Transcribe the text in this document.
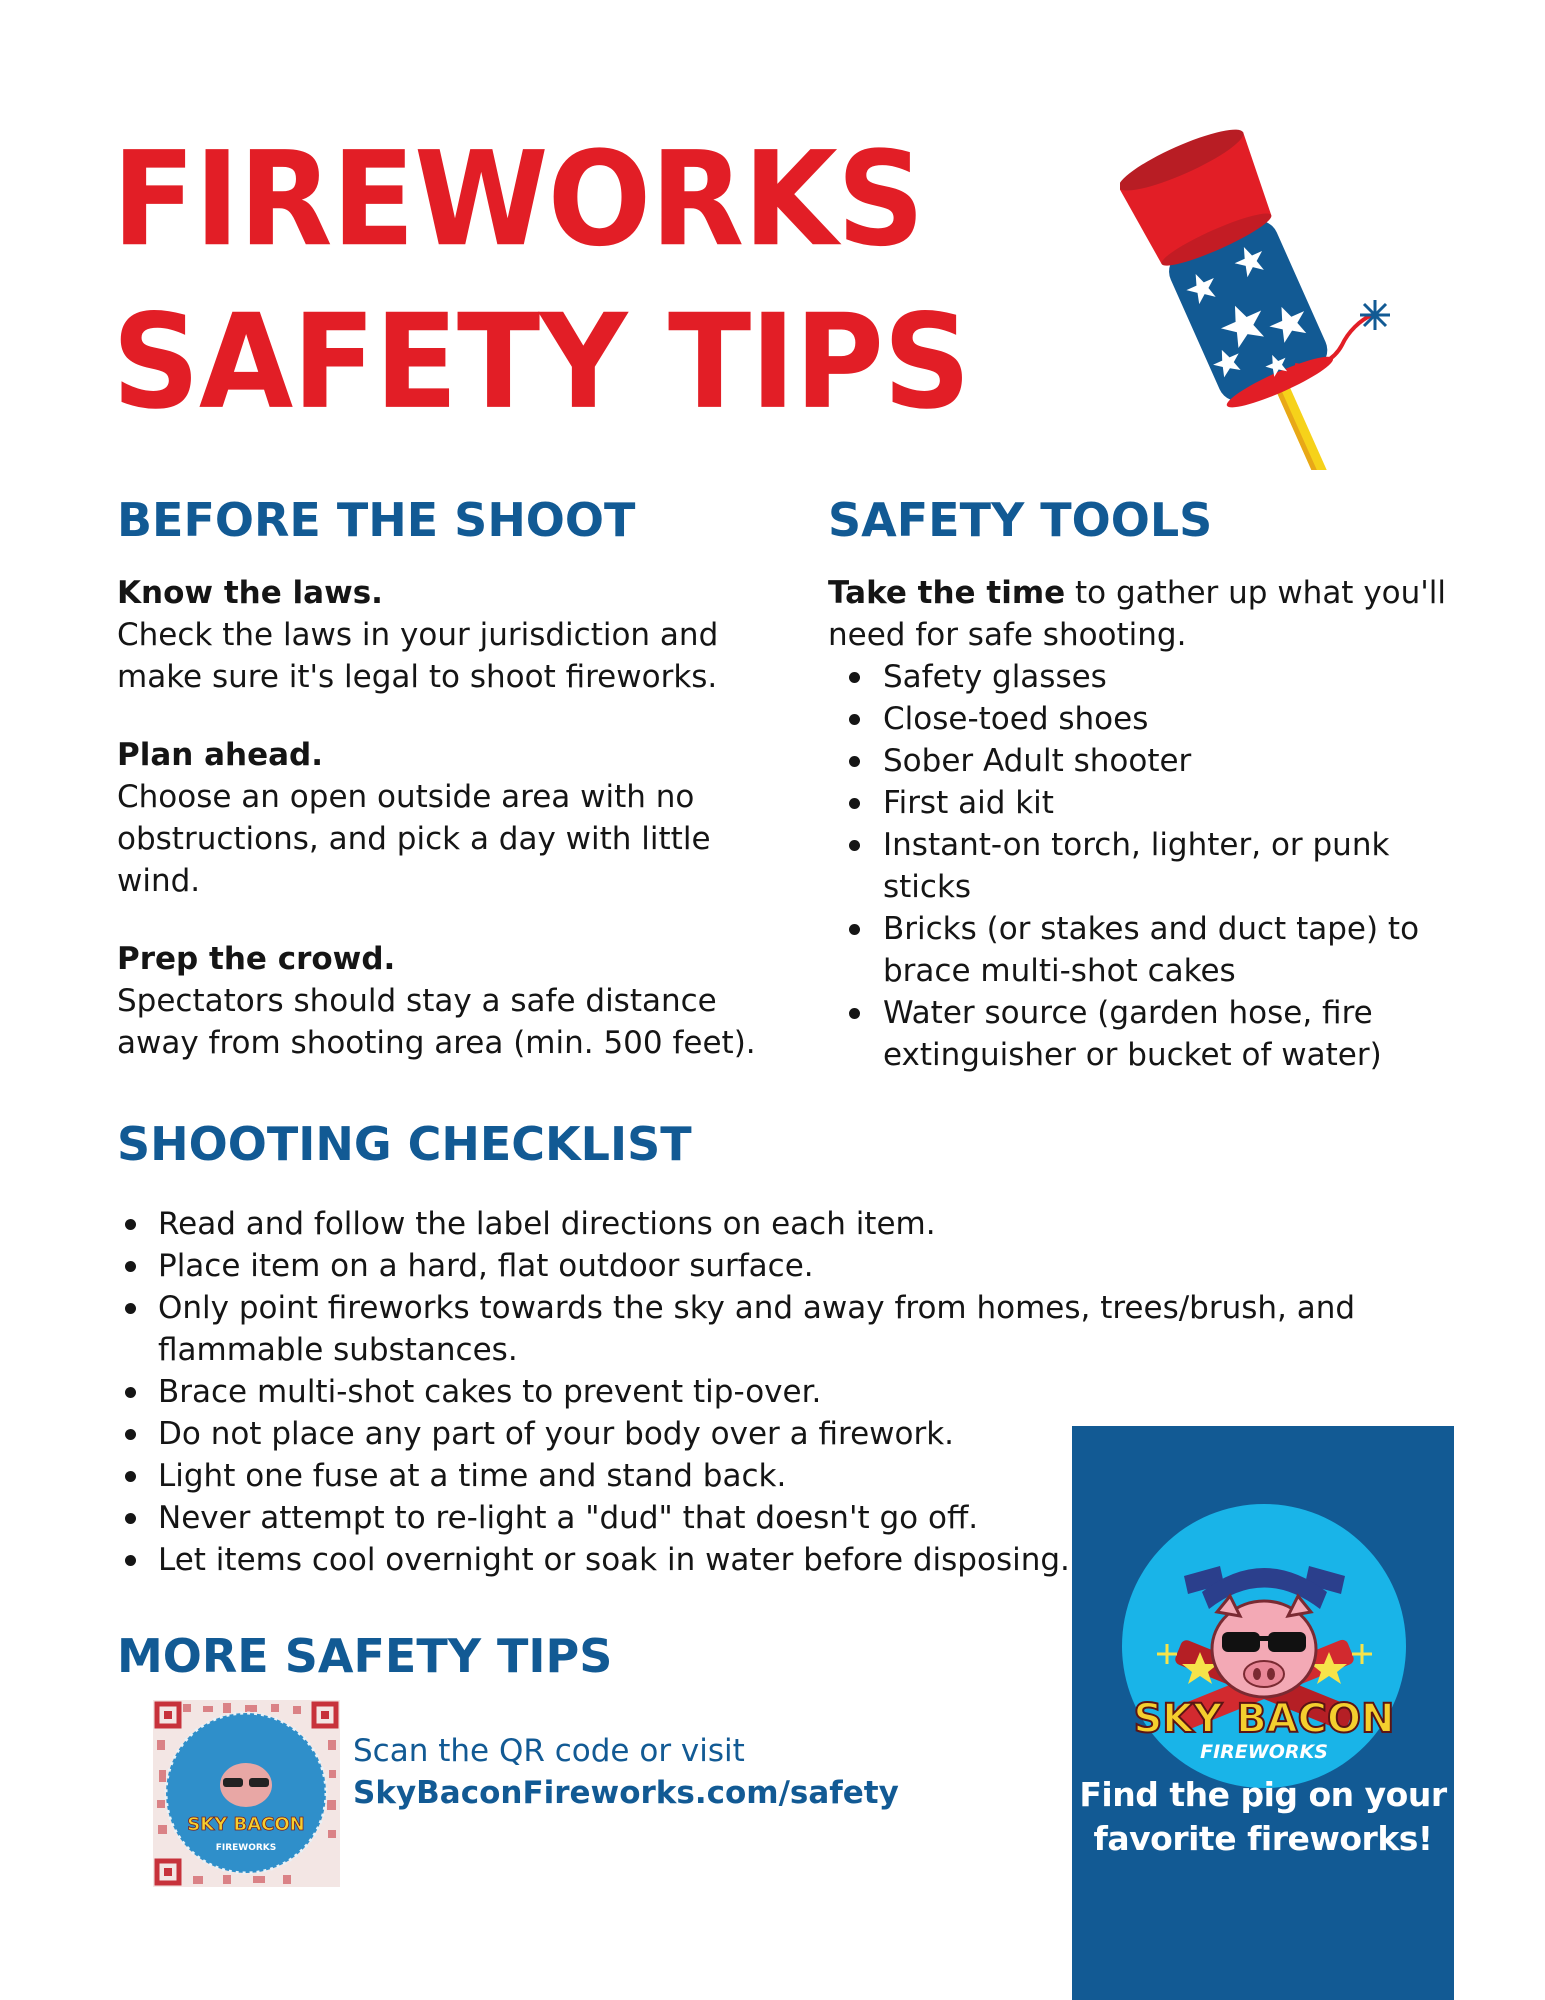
FIREWORKS
SAFETY TIPS
BEFORE THE SHOOT
Know the laws.
Check the laws in your jurisdiction and
make sure it's legal to shoot fireworks.
Plan ahead.
Choose an open outside area with no
obstructions, and pick a day with little
wind.
Prep the crowd.
Spectators should stay a safe distance
away from shooting area (min. 500 feet).
SAFETY TOOLS
Take the time to gather up what you'll
need for safe shooting.
Safety glasses
Close-toed shoes
Sober Adult shooter
First aid kit
Instant-on torch, lighter, or punk
sticks
Bricks (or stakes and duct tape) to
brace multi-shot cakes
Water source (garden hose, fire
extinguisher or bucket of water)
SHOOTING CHECKLIST
Read and follow the label directions on each item.
Place item on a hard, flat outdoor surface.
Only point fireworks towards the sky and away from homes, trees/brush, and
flammable substances.
Brace multi-shot cakes to prevent tip-over.
Do not place any part of your body over a firework.
Light one fuse at a time and stand back.
Never attempt to re-light a "dud" that doesn't go off.
Let items cool overnight or soak in water before disposing.
MORE SAFETY TIPS
SKY BACON
FIREWORKS
Scan the QR code or visit
SkyBaconFireworks.com/safety
SKY BACON
FIREWORKS
Find the pig on your
favorite fireworks!
